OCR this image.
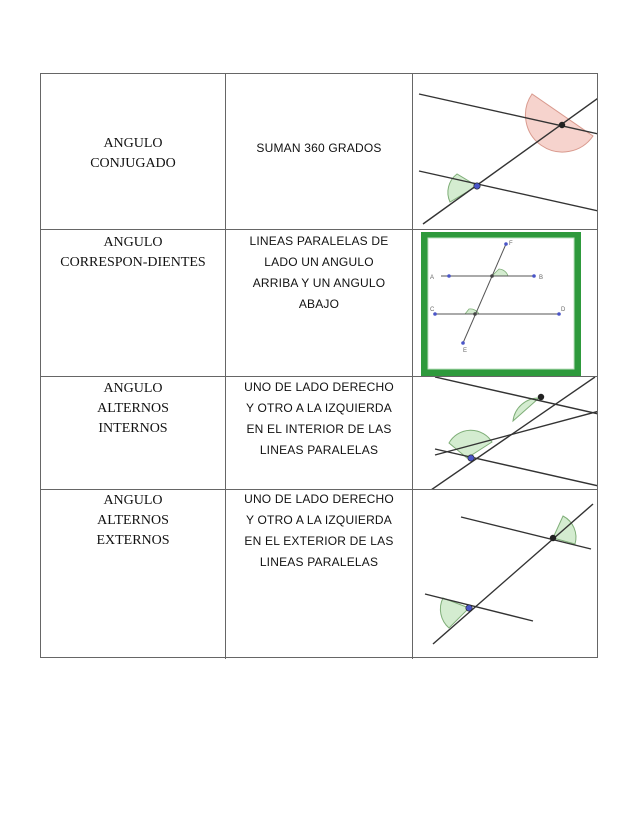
ANGULO
CONJUGADO
SUMAN 360 GRADOS
ANGULO
CORRESPON-DIENTES
LINEAS PARALELAS DE
LADO UN ANGULO
ARRIBA Y UN ANGULO
ABAJO
F
A	B
C	D
E
ANGULO
ALTERNOS
INTERNOS
UNO DE LADO DERECHO
Y OTRO A LA IZQUIERDA
EN EL INTERIOR DE LAS
LINEAS PARALELAS
ANGULO
ALTERNOS
EXTERNOS
UNO DE LADO DERECHO
Y OTRO A LA IZQUIERDA
EN EL EXTERIOR DE LAS
LINEAS PARALELAS
